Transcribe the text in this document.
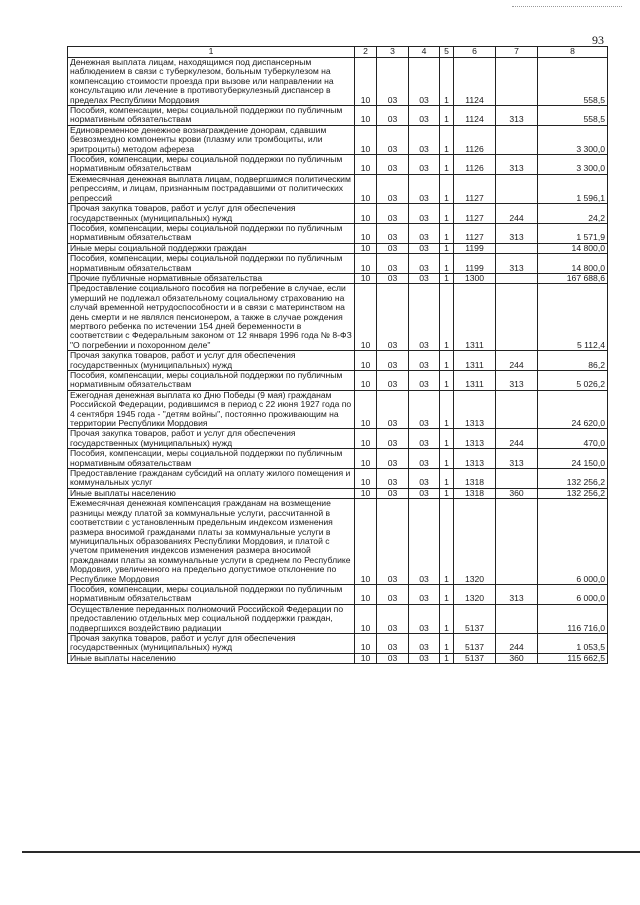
93
1	2	3	4	5	6	7	8
Денежная выплата лицам, находящимся под диспансерным наблюдением в связи с туберкулезом, больным туберкулезом на компенсацию стоимости проезда при вызове или направлении на консультацию или лечение в противотуберкулезный диспансер в пределах Республики Мордовия	10	03	03	1	1124		558,5
Пособия, компенсации, меры социальной поддержки по публичным нормативным обязательствам	10	03	03	1	1124	313	558,5
Единовременное денежное вознаграждение донорам, сдавшим безвозмездно компоненты крови (плазму или тромбоциты, или эритроциты) методом афереза	10	03	03	1	1126		3 300,0
Пособия, компенсации, меры социальной поддержки по публичным нормативным обязательствам	10	03	03	1	1126	313	3 300,0
Ежемесячная денежная выплата лицам, подвергшимся политическим репрессиям, и лицам, признанным пострадавшими от политических репрессий	10	03	03	1	1127		1 596,1
Прочая закупка товаров, работ и услуг для обеспечения государственных (муниципальных) нужд	10	03	03	1	1127	244	24,2
Пособия, компенсации, меры социальной поддержки по публичным нормативным обязательствам	10	03	03	1	1127	313	1 571,9
Иные меры социальной поддержки граждан	10	03	03	1	1199		14 800,0
Пособия, компенсации, меры социальной поддержки по публичным нормативным обязательствам	10	03	03	1	1199	313	14 800,0
Прочие публичные нормативные обязательства	10	03	03	1	1300		167 688,6
Предоставление социального пособия на погребение в случае, если умерший не подлежал обязательному социальному страхованию на случай временной нетрудоспособности и в связи с материнством на день смерти и не являлся пенсионером, а также в случае рождения мертвого ребенка по истечении 154 дней беременности в соответствии с Федеральным законом от 12 января 1996 года № 8-ФЗ "О погребении и похоронном деле"	10	03	03	1	1311		5 112,4
Прочая закупка товаров, работ и услуг для обеспечения государственных (муниципальных) нужд	10	03	03	1	1311	244	86,2
Пособия, компенсации, меры социальной поддержки по публичным нормативным обязательствам	10	03	03	1	1311	313	5 026,2
Ежегодная денежная выплата ко Дню Победы (9 мая) гражданам Российской Федерации, родившимся в период с 22 июня 1927 года по 4 сентября 1945 года - "детям войны", постоянно проживающим на территории Республики Мордовия	10	03	03	1	1313		24 620,0
Прочая закупка товаров, работ и услуг для обеспечения государственных (муниципальных) нужд	10	03	03	1	1313	244	470,0
Пособия, компенсации, меры социальной поддержки по публичным нормативным обязательствам	10	03	03	1	1313	313	24 150,0
Предоставление гражданам субсидий на оплату жилого помещения и коммунальных услуг	10	03	03	1	1318		132 256,2
Иные выплаты населению	10	03	03	1	1318	360	132 256,2
Ежемесячная денежная компенсация гражданам на возмещение разницы между платой за коммунальные услуги, рассчитанной в соответствии с установленным предельным индексом изменения размера вносимой гражданами платы за коммунальные услуги в муниципальных образованиях Республики Мордовия, и платой с учетом применения индексов изменения размера вносимой гражданами платы за коммунальные услуги в среднем по Республике Мордовия, увеличенного на предельно допустимое отклонение по Республике Мордовия	10	03	03	1	1320		6 000,0
Пособия, компенсации, меры социальной поддержки по публичным нормативным обязательствам	10	03	03	1	1320	313	6 000,0
Осуществление переданных полномочий Российской Федерации по предоставлению отдельных мер социальной поддержки граждан, подвергшихся воздействию радиации	10	03	03	1	5137		116 716,0
Прочая закупка товаров, работ и услуг для обеспечения государственных (муниципальных) нужд	10	03	03	1	5137	244	1 053,5
Иные выплаты населению	10	03	03	1	5137	360	115 662,5
